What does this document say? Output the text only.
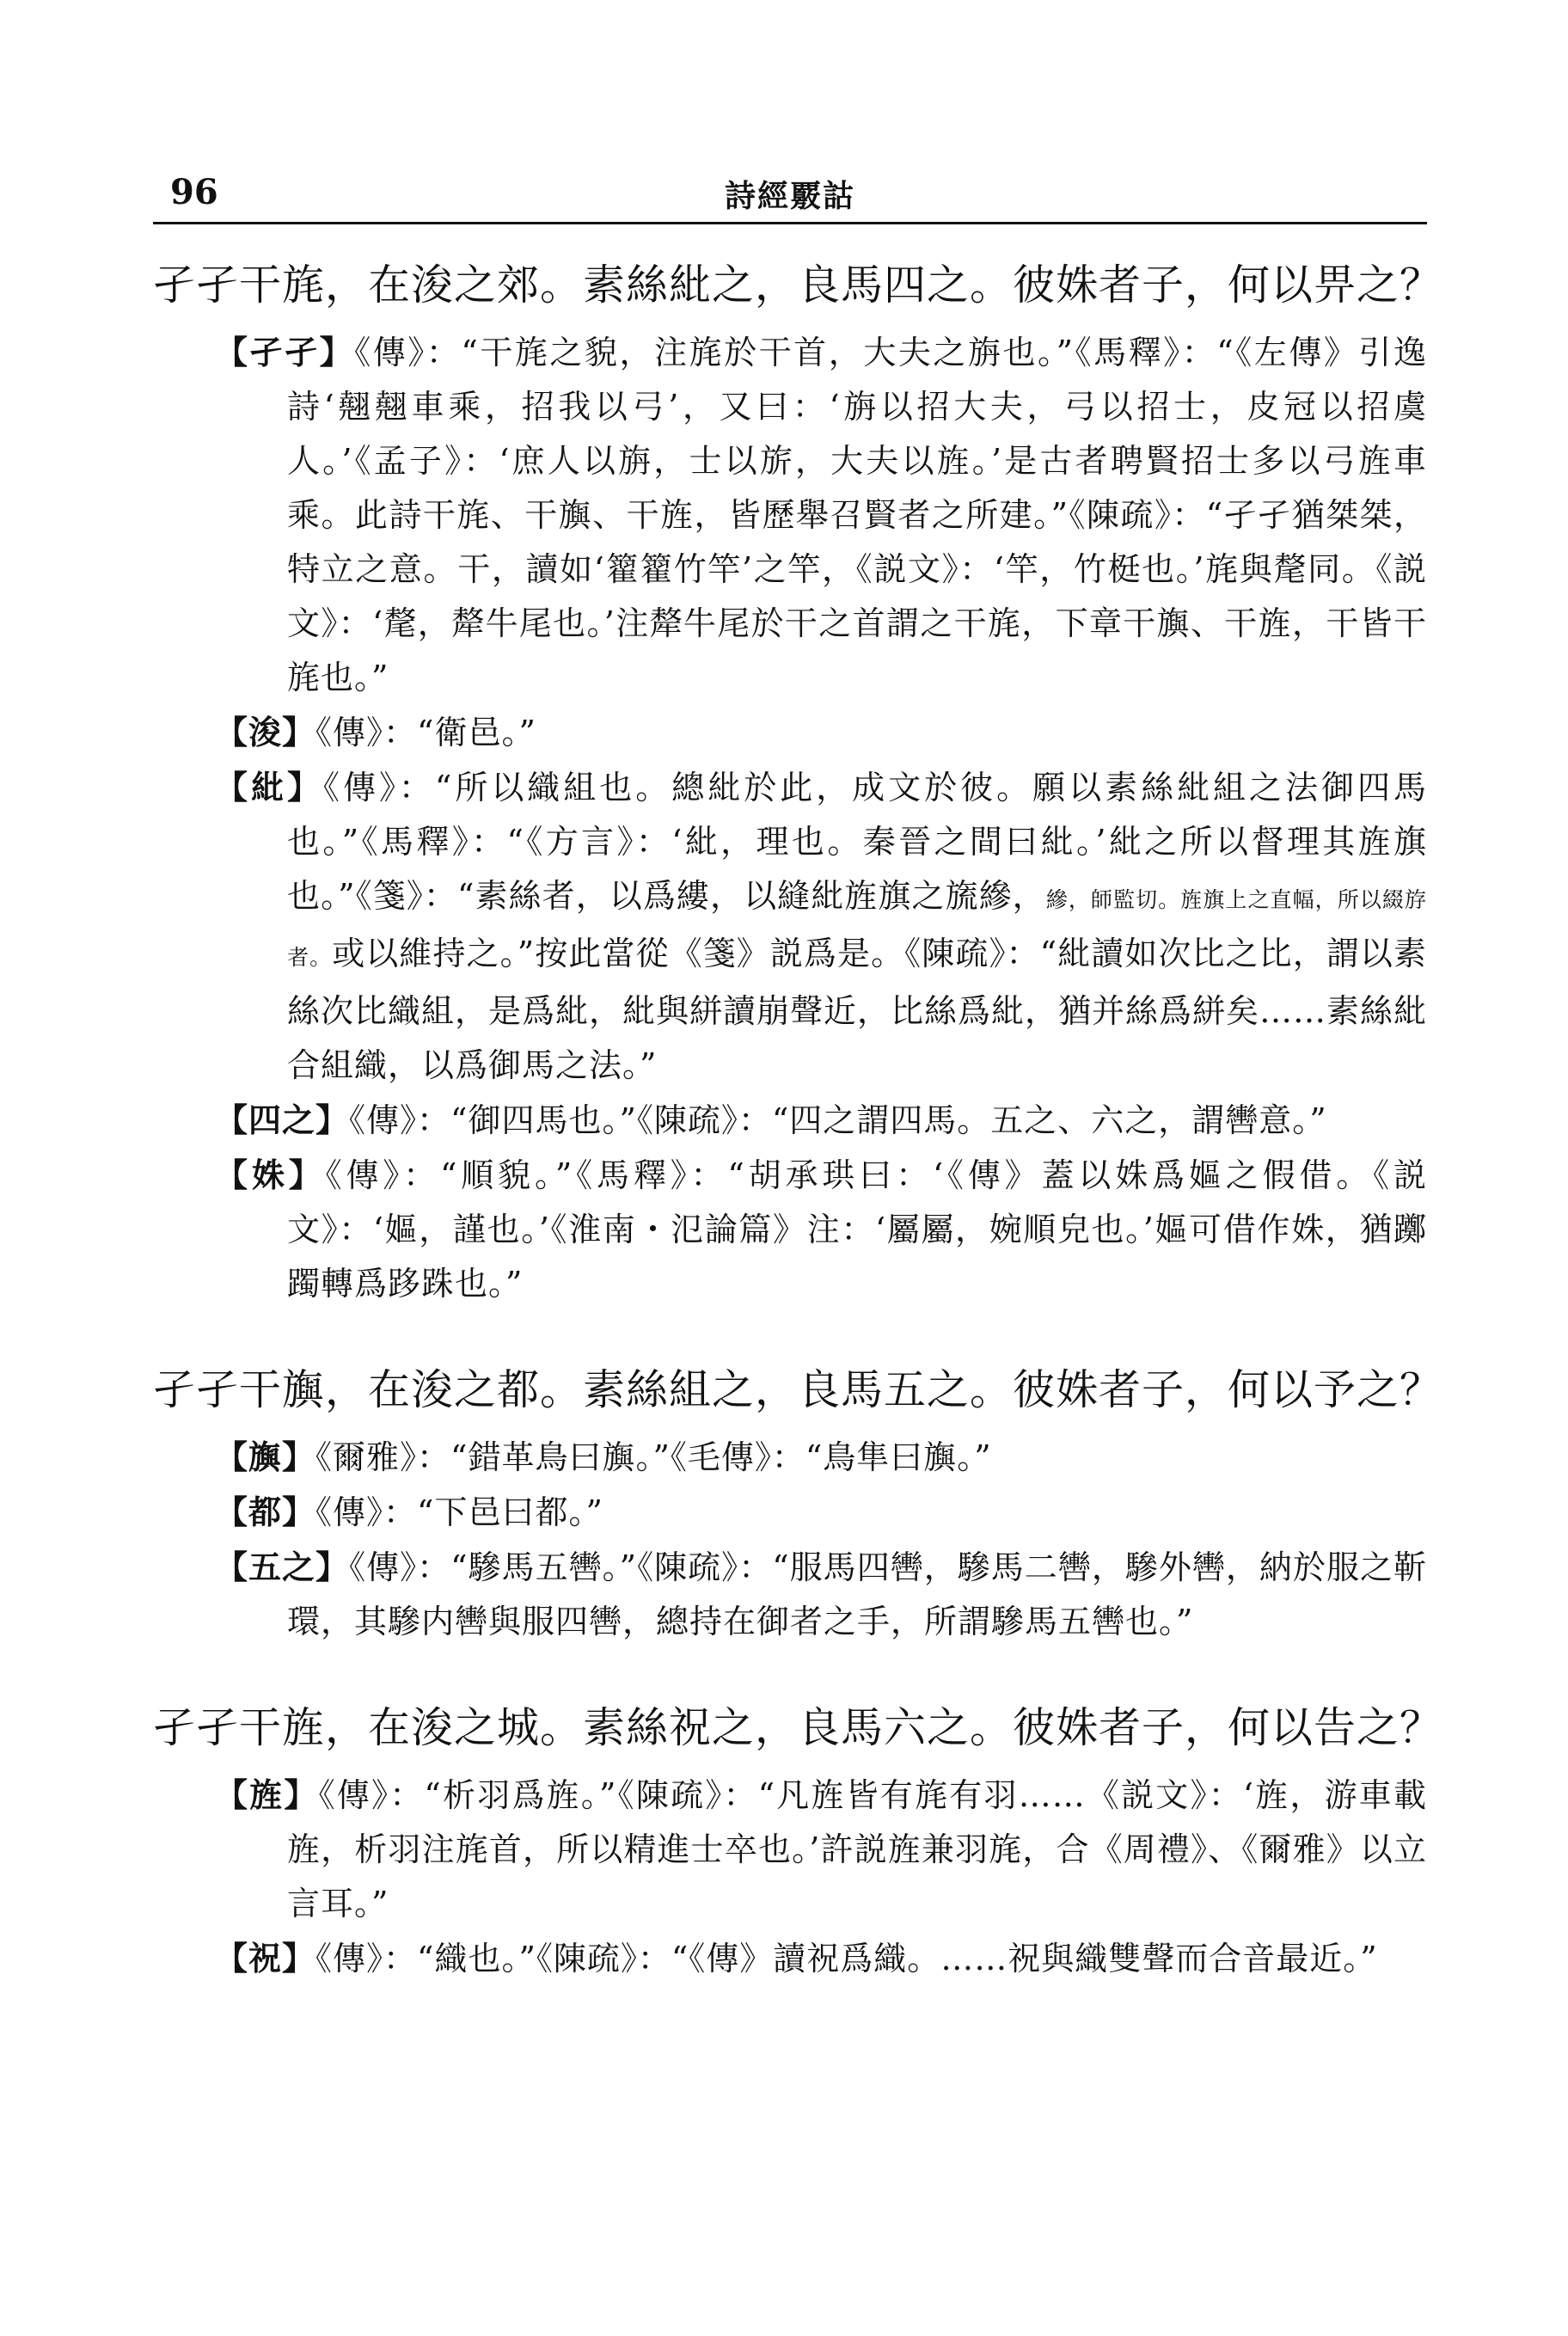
96	詩經覈詁
孑孑干旄，在浚之郊。素絲紕之，良馬四之。彼姝者子，何以畀之？
【孑孑】《傳》：“干旄之貌，注旄於干首，大夫之旃也。”《馬釋》：“《左傳》引逸詩‘翹翹車乘，招我以弓’，又曰：‘旃以招大夫，弓以招士，皮冠以招虞人。’《孟子》：‘庶人以旃，士以旂，大夫以旌。’是古者聘賢招士多以弓旌車乘。此詩干旄、干旟、干旌，皆歷舉召賢者之所建。”《陳疏》：“孑孑猶桀桀，特立之意。干，讀如‘籊籊竹竿’之竿，《説文》：‘竿，竹梃也。’旄與氂同。《説文》：‘氂，犛牛尾也。’注犛牛尾於干之首謂之干旄，下章干旟、干旌，干皆干旄也。”
【浚】《傳》：“衛邑。”
【紕】《傳》：“所以織組也。總紕於此，成文於彼。願以素絲紕組之法御四馬也。”《馬釋》：“《方言》：‘紕，理也。秦晉之間曰紕。’紕之所以督理其旌旗也。”《箋》：“素絲者，以爲縷，以縫紕旌旗之旒縿，縿，師監切。旌旗上之直幅，所以綴斿者。或以維持之。”按此當從《箋》説爲是。《陳疏》：“紕讀如次比之比，謂以素絲次比織組，是爲紕，紕與絣讀崩聲近，比絲爲紕，猶并絲爲絣矣……素絲紕合組織，以爲御馬之法。”
【四之】《傳》：“御四馬也。”《陳疏》：“四之謂四馬。五之、六之，謂轡意。”
【姝】《傳》：“順貌。”《馬釋》：“胡承珙曰：‘《傳》蓋以姝爲嫗之假借。《説文》：‘嫗，謹也。’《淮南・氾論篇》注：‘屬屬，婉順皃也。’嫗可借作姝，猶躑躅轉爲跢跦也。”
孑孑干旟，在浚之都。素絲組之，良馬五之。彼姝者子，何以予之？
【旟】《爾雅》：“錯革鳥曰旟。”《毛傳》：“鳥隼曰旟。”
【都】《傳》：“下邑曰都。”
【五之】《傳》：“驂馬五轡。”《陳疏》：“服馬四轡，驂馬二轡，驂外轡，納於服之靳環，其驂内轡與服四轡，總持在御者之手，所謂驂馬五轡也。”
孑孑干旌，在浚之城。素絲祝之，良馬六之。彼姝者子，何以告之？
【旌】《傳》：“析羽爲旌。”《陳疏》：“凡旌皆有旄有羽……《説文》：‘旌，游車載旌，析羽注旄首，所以精進士卒也。’許説旌兼羽旄，合《周禮》、《爾雅》以立言耳。”
【祝】《傳》：“織也。”《陳疏》：“《傳》讀祝爲織。……祝與織雙聲而合音最近。”
